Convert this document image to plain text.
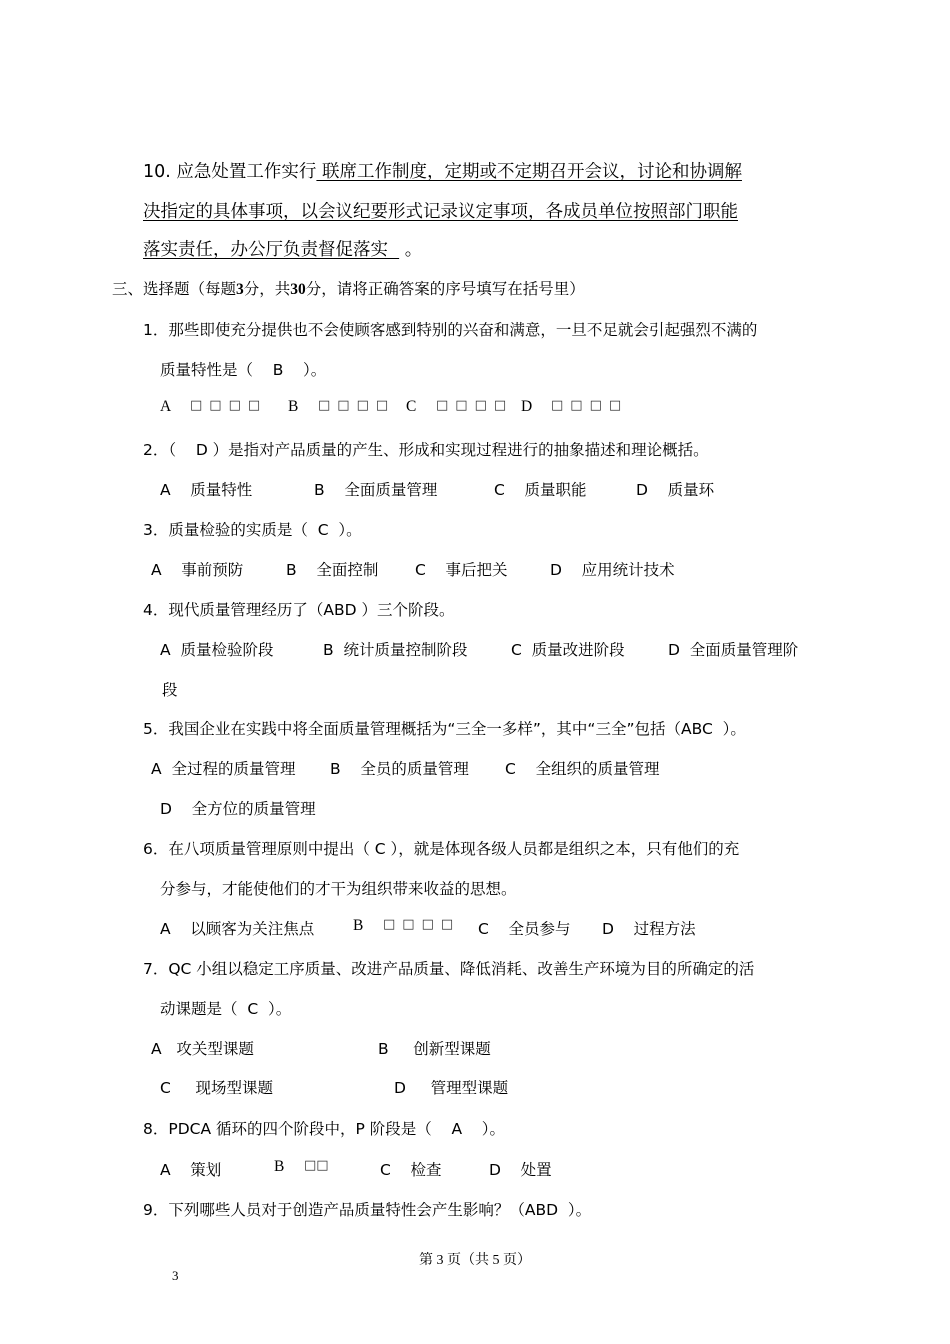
10. 应急处置工作实行 联席工作制度，定期或不定期召开会议，讨论和协调解
决指定的具体事项，以会议纪要形式记录议定事项，各成员单位按照部门职能
落实责任，办公厅负责督促落实   。
三、选择题（每题3分，共30分，请将正确答案的序号填写在括号里）
1．那些即使充分提供也不会使顾客感到特别的兴奋和满意，一旦不足就会引起强烈不满的
质量特性是（    B    ）。
A □□□□ B □□□□ C □□□□ D □□□□
2．（    D ）是指对产品质量的产生、形成和实现过程进行的抽象描述和理论概括。
A    质量特性	B    全面质量管理	C    质量职能	D    质量环
3．质量检验的实质是（  C  ）。
A    事前预防	B    全面控制 C    事后把关	D    应用统计技术
4．现代质量管理经历了（ABD ）三个阶段。
A  质量检验阶段	B  统计质量控制阶段	C  质量改进阶段	D  全面质量管理阶
段
5．我国企业在实践中将全面质量管理概括为“三全一多样”，其中“三全”包括（ABC  ）。
A  全过程的质量管理 B    全员的质量管理 C    全组织的质量管理
D    全方位的质量管理
6．在八项质量管理原则中提出（ C ），就是体现各级人员都是组织之本，只有他们的充
分参与，才能使他们的才干为组织带来收益的思想。
A    以顾客为关注焦点 B □□□□ C    全员参与 D    过程方法
7．QC 小组以稳定工序质量、改进产品质量、降低消耗、改善生产环境为目的所确定的活
动课题是（  C  ）。
A   攻关型课题	B     创新型课题
C     现场型课题	D     管理型课题
8．PDCA 循环的四个阶段中，P 阶段是（    A    ）。
A    策划	B □□	C    检查	D    处置
9．下列哪些人员对于创造产品质量特性会产生影响？（ABD  ）。
第 3 页（共 5 页）
3
